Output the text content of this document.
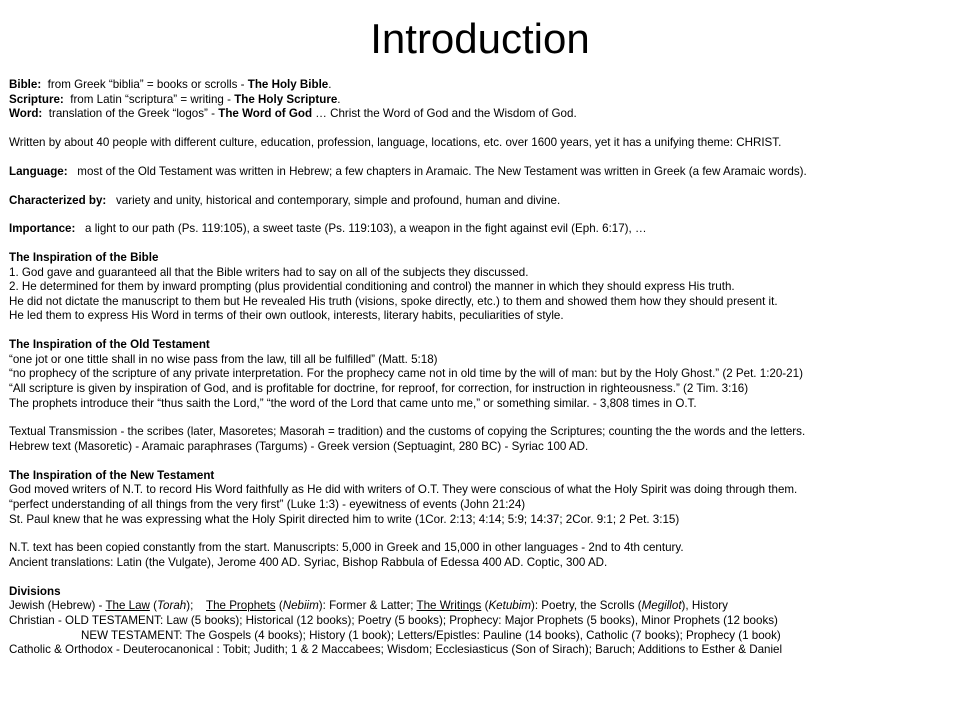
Introduction
Bible: from Greek “biblia” = books or scrolls - The Holy Bible.
Scripture: from Latin “scriptura” = writing - The Holy Scripture.
Word: translation of the Greek “logos” - The Word of God … Christ the Word of God and the Wisdom of God.
Written by about 40 people with different culture, education, profession, language, locations, etc. over 1600 years, yet it has a unifying theme: CHRIST.
Language: most of the Old Testament was written in Hebrew; a few chapters in Aramaic. The New Testament was written in Greek (a few Aramaic words).
Characterized by: variety and unity, historical and contemporary, simple and profound, human and divine.
Importance: a light to our path (Ps. 119:105), a sweet taste (Ps. 119:103), a weapon in the fight against evil (Eph. 6:17), …
The Inspiration of the Bible
1. God gave and guaranteed all that the Bible writers had to say on all of the subjects they discussed.
2. He determined for them by inward prompting (plus providential conditioning and control) the manner in which they should express His truth.
He did not dictate the manuscript to them but He revealed His truth (visions, spoke directly, etc.) to them and showed them how they should present it.
He led them to express His Word in terms of their own outlook, interests, literary habits, peculiarities of style.
The Inspiration of the Old Testament
“one jot or one tittle shall in no wise pass from the law, till all be fulfilled” (Matt. 5:18)
“no prophecy of the scripture of any private interpretation. For the prophecy came not in old time by the will of man: but by the Holy Ghost.” (2 Pet. 1:20-21)
“All scripture is given by inspiration of God, and is profitable for doctrine, for reproof, for correction, for instruction in righteousness.” (2 Tim. 3:16)
The prophets introduce their “thus saith the Lord,” “the word of the Lord that came unto me,” or something similar. - 3,808 times in O.T.
Textual Transmission - the scribes (later, Masoretes; Masorah = tradition) and the customs of copying the Scriptures; counting the the words and the letters.
Hebrew text (Masoretic) - Aramaic paraphrases (Targums) - Greek version (Septuagint, 280 BC) - Syriac 100 AD.
The Inspiration of the New Testament
God moved writers of N.T. to record His Word faithfully as He did with writers of O.T. They were conscious of what the Holy Spirit was doing through them.
“perfect understanding of all things from the very first” (Luke 1:3) - eyewitness of events (John 21:24)
St. Paul knew that he was expressing what the Holy Spirit directed him to write (1Cor. 2:13; 4:14; 5:9; 14:37; 2Cor. 9:1; 2 Pet. 3:15)
N.T. text has been copied constantly from the start. Manuscripts: 5,000 in Greek and 15,000 in other languages - 2nd to 4th century.
Ancient translations: Latin (the Vulgate), Jerome 400 AD. Syriac, Bishop Rabbula of Edessa 400 AD. Coptic, 300 AD.
Divisions
Jewish (Hebrew) - The Law (Torah);    The Prophets (Nebiim): Former & Latter; The Writings (Ketubim): Poetry, the Scrolls (Megillot), History
Christian - OLD TESTAMENT: Law (5 books); Historical (12 books); Poetry (5 books); Prophecy: Major Prophets (5 books), Minor Prophets (12 books)
NEW TESTAMENT: The Gospels (4 books); History (1 book); Letters/Epistles: Pauline (14 books), Catholic (7 books); Prophecy (1 book)
Catholic & Orthodox - Deuterocanonical : Tobit; Judith; 1 & 2 Maccabees; Wisdom; Ecclesiasticus (Son of Sirach); Baruch; Additions to Esther & Daniel
